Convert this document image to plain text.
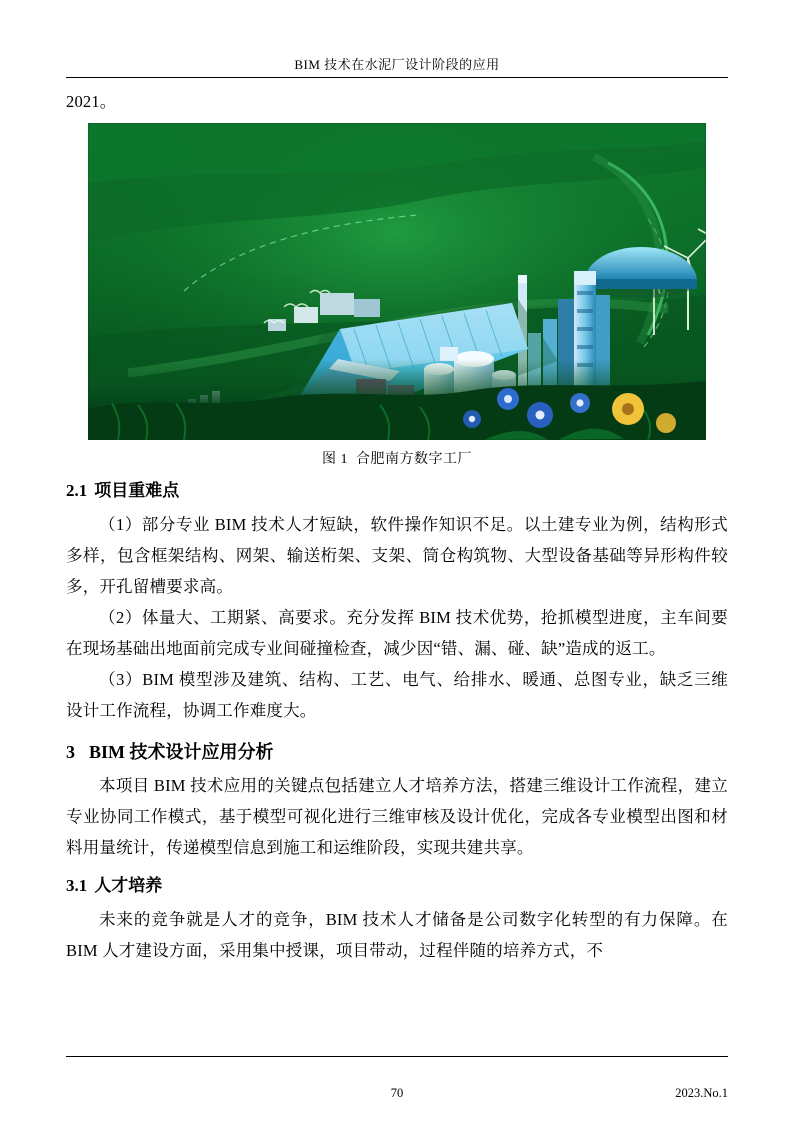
BIM 技术在水泥厂设计阶段的应用

2021。

图 1 合肥南方数字工厂
2.1 项目重难点

（1）部分专业 BIM 技术人才短缺，软件操作知识不足。以土建专业为例，结构形式多样，包含框架结构、网架、输送桁架、支架、筒仓构筑物、大型设备基础等异形构件较多，开孔留槽要求高。

（2）体量大、工期紧、高要求。充分发挥 BIM 技术优势，抢抓模型进度，主车间要在现场基础出地面前完成专业间碰撞检查，减少因“错、漏、碰、缺”造成的返工。

（3）BIM 模型涉及建筑、结构、工艺、电气、给排水、暖通、总图专业，缺乏三维设计工作流程，协调工作难度大。

3 BIM 技术设计应用分析

本项目 BIM 技术应用的关键点包括建立人才培养方法，搭建三维设计工作流程，建立专业协同工作模式，基于模型可视化进行三维审核及设计优化，完成各专业模型出图和材料用量统计，传递模型信息到施工和运维阶段，实现共建共享。

3.1 人才培养

未来的竞争就是人才的竞争，BIM 技术人才储备是公司数字化转型的有力保障。在 BIM 人才建设方面，采用集中授课，项目带动，过程伴随的培养方式，不

70	2023.No.1
